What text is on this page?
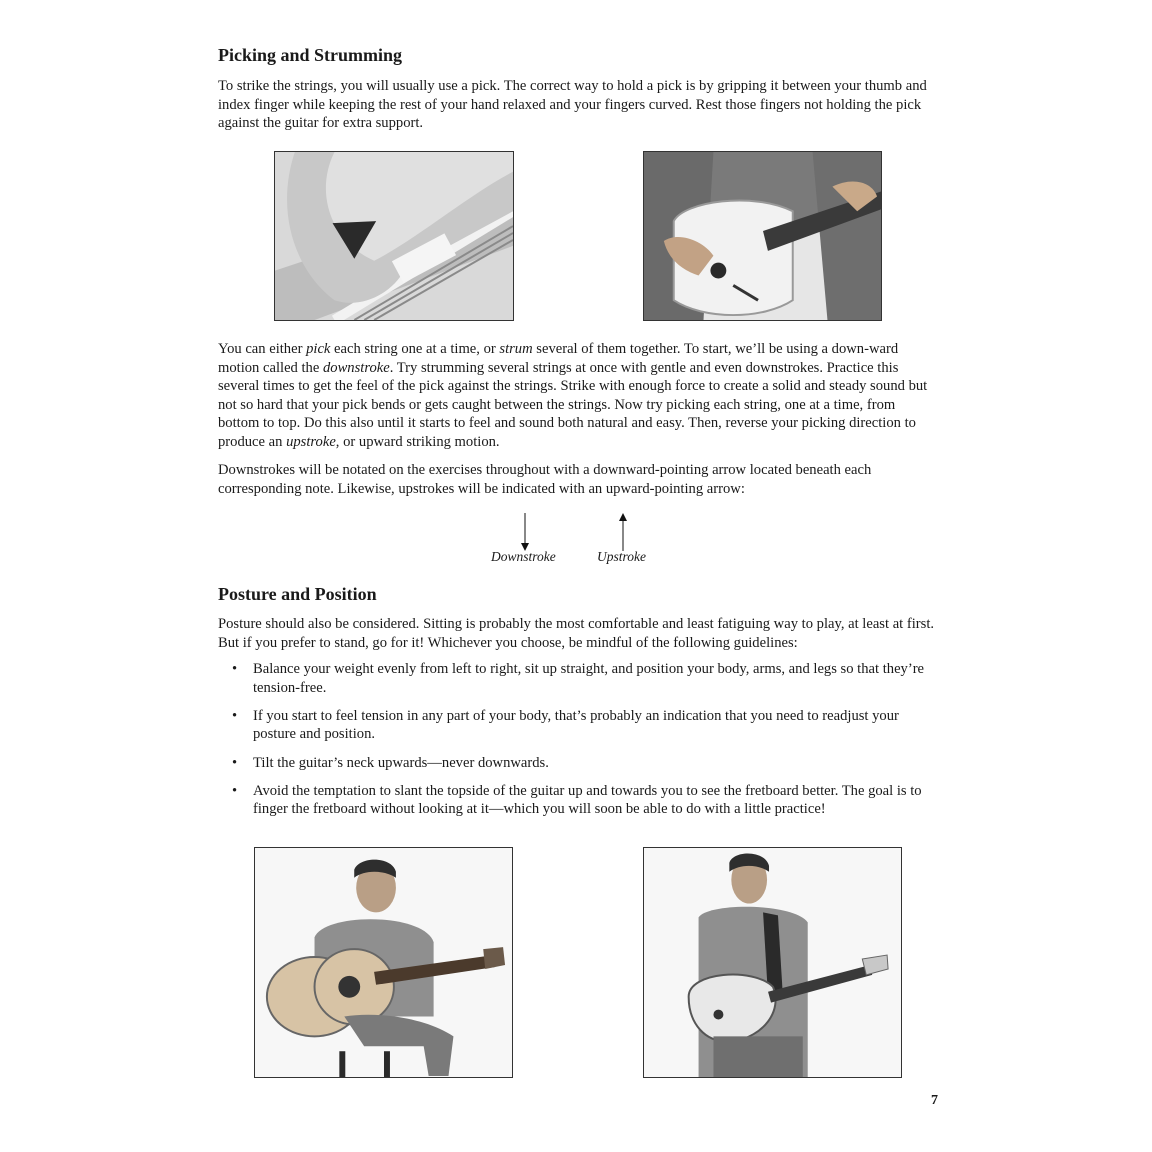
Picking and Strumming

To strike the strings, you will usually use a pick. The correct way to hold a pick is by gripping it between your thumb and index finger while keeping the rest of your hand relaxed and your fingers curved. Rest those fingers not holding the pick against the guitar for extra support.

You can either pick each string one at a time, or strum several of them together. To start, we’ll be using a down-ward motion called the downstroke. Try strumming several strings at once with gentle and even downstrokes. Practice this several times to get the feel of the pick against the strings. Strike with enough force to create a solid and steady sound but not so hard that your pick bends or gets caught between the strings. Now try picking each string, one at a time, from bottom to top. Do this also until it starts to feel and sound both natural and easy. Then, reverse your picking direction to produce an upstroke, or upward striking motion.

Downstrokes will be notated on the exercises throughout with a downward-pointing arrow located beneath each corresponding note. Likewise, upstrokes will be indicated with an upward-pointing arrow:

Downstroke	Upstroke
Posture and Position

Posture should also be considered. Sitting is probably the most comfortable and least fatiguing way to play, at least at first. But if you prefer to stand, go for it! Whichever you choose, be mindful of the following guidelines:

• Balance your weight evenly from left to right, sit up straight, and position your body, arms, and legs so that they’re tension-free.
• If you start to feel tension in any part of your body, that’s probably an indication that you need to readjust your posture and position.
• Tilt the guitar’s neck upwards—never downwards.
• Avoid the temptation to slant the topside of the guitar up and towards you to see the fretboard better. The goal is to finger the fretboard without looking at it—which you will soon be able to do with a little practice!
7
